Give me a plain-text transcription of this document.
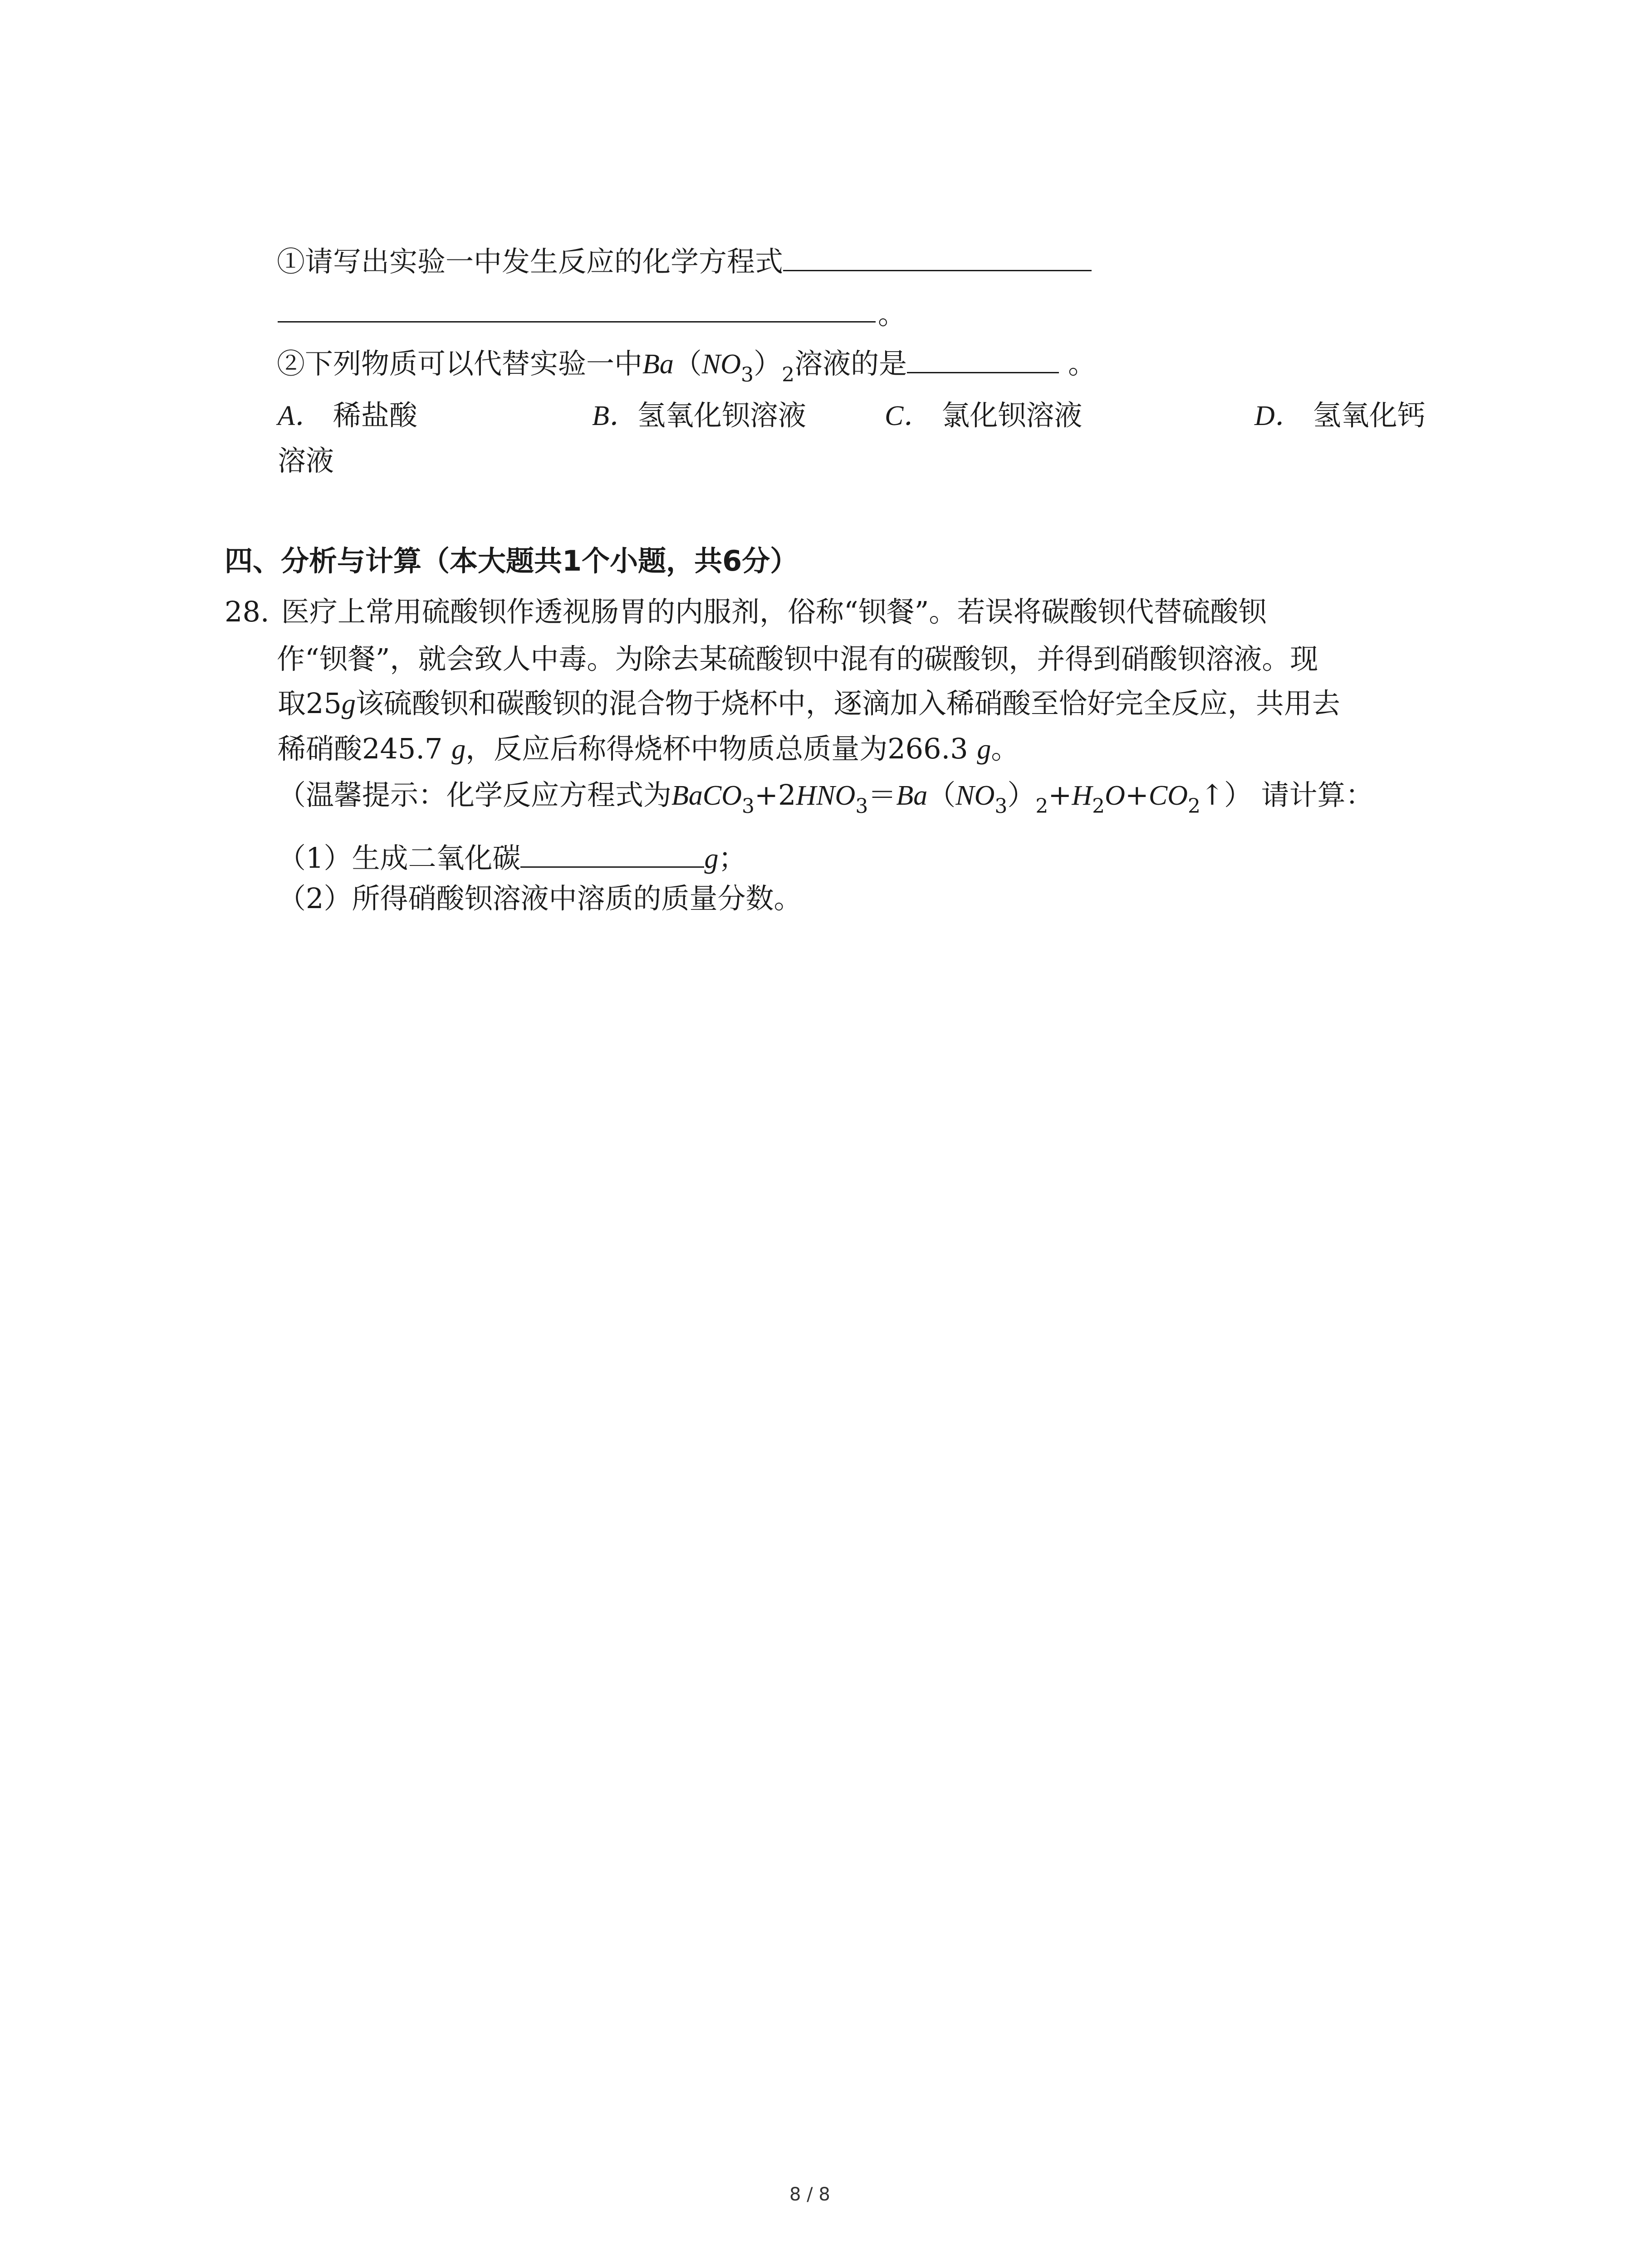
①请写出实验一中发生反应的化学方程式
。
②下列物质可以代替实验一中$Ba(NO_3)_2$溶液的是	。
A． 稀盐酸	B．氢氧化钡溶液	C． 氯化钡溶液	D． 氢氧化钙
溶液
四、分析与计算（本大题共1个小题，共6分）
28. 医疗上常用硫酸钡作透视肠胃的内服剂，俗称“钡餐”。若误将碳酸钡代替硫酸钡
作“钡餐”，就会致人中毒。为除去某硫酸钡中混有的碳酸钡，并得到硝酸钡溶液。现
取25g该硫酸钡和碳酸钡的混合物于烧杯中，逐滴加入稀硝酸至恰好完全反应，共用去
稀硝酸245.7 g，反应后称得烧杯中物质总质量为266.3 g。
（温馨提示：化学反应方程式为$BaCO_3+2HNO_3=Ba(NO_3)_2+H_2O+CO_2↑$） 请计算：
（1）生成二氧化碳	g；
（2）所得硝酸钡溶液中溶质的质量分数。
8 / 8
